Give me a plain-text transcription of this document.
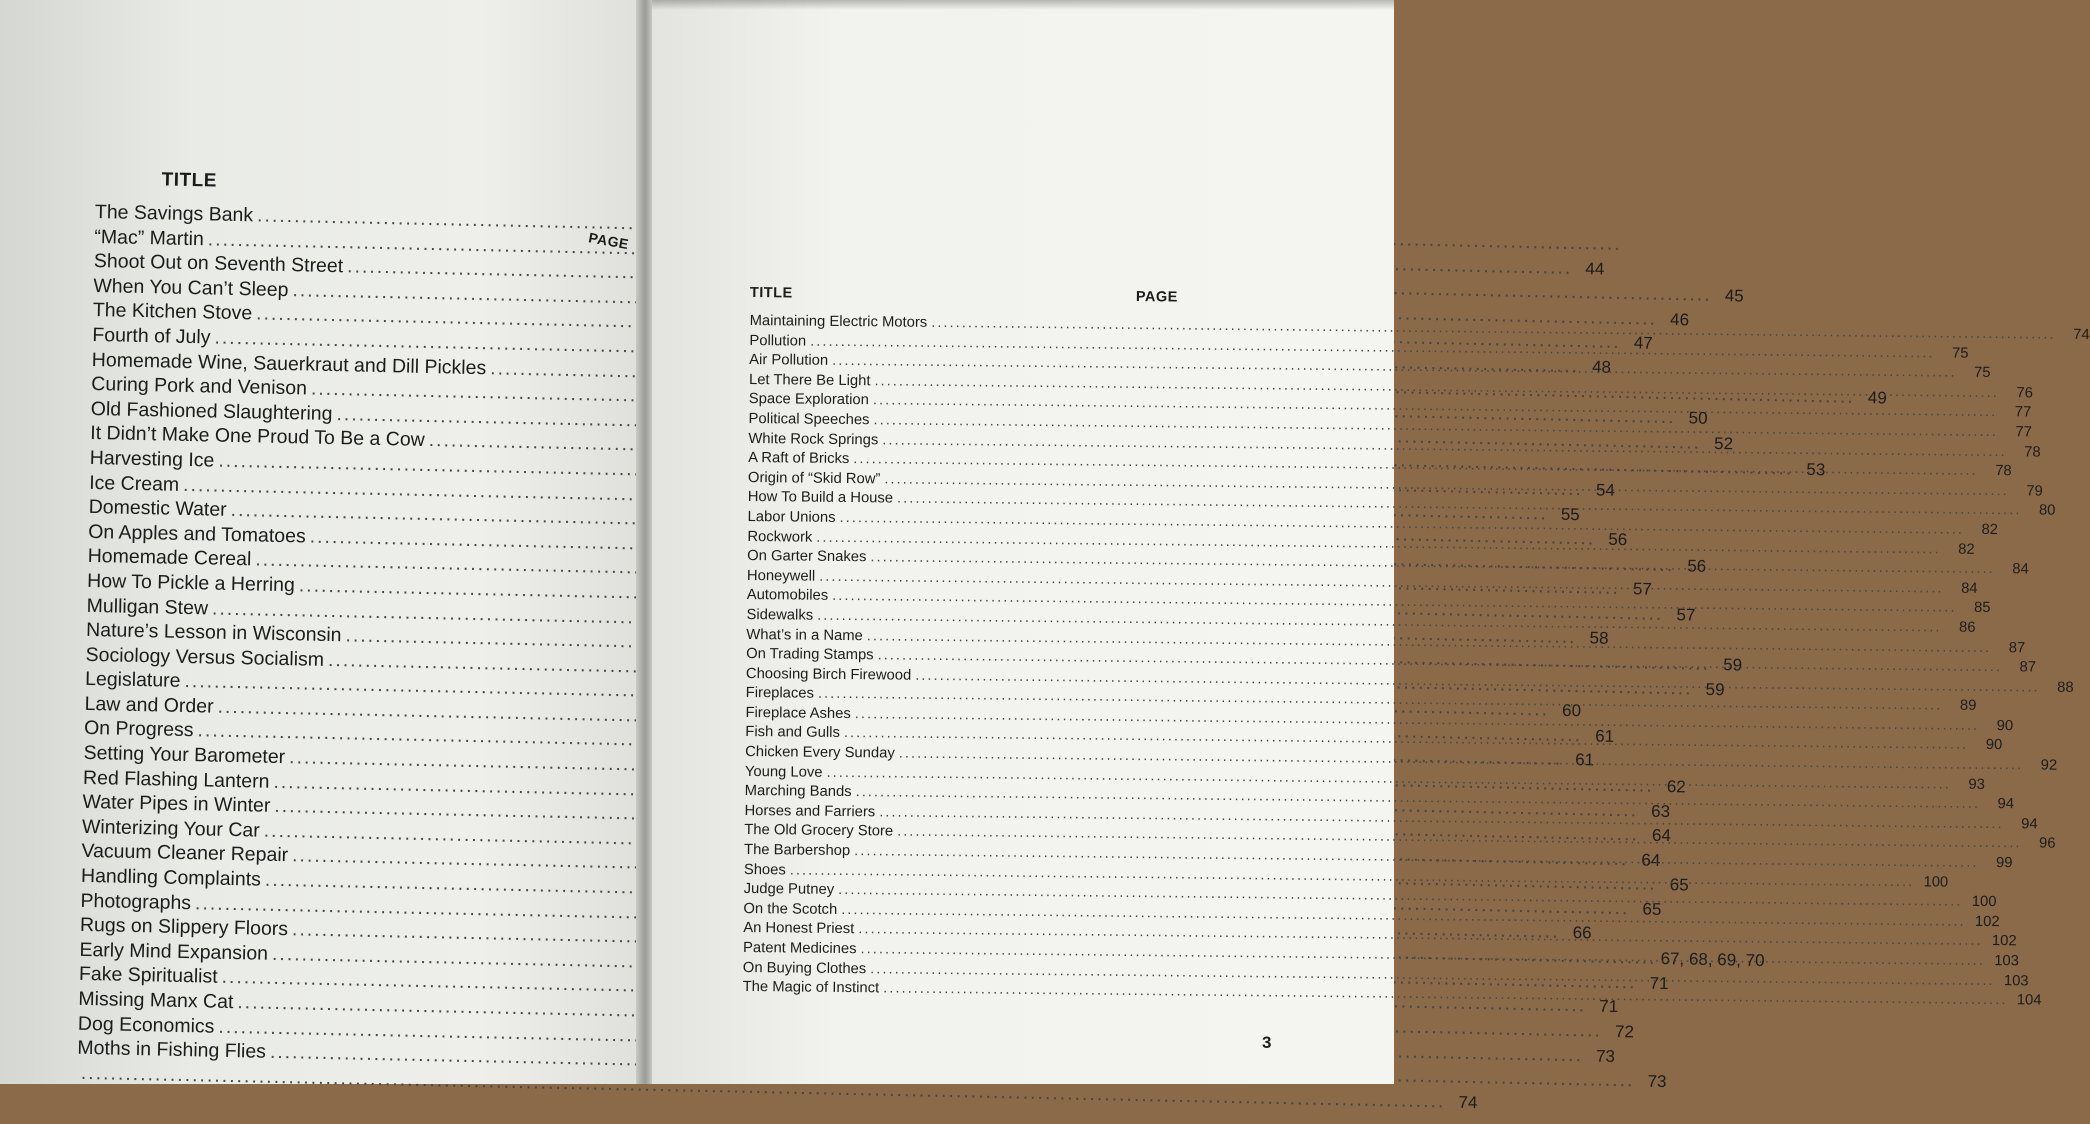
TITLE
PAGE
The Savings Bank
.....
“Mac” Martin
.....
44
Shoot Out on Seventh Street
.....
45
When You Can’t Sleep
.....
46
The Kitchen Stove
.....
47
Fourth of July
.....
48
Homemade Wine, Sauerkraut and Dill Pickles
.....
49
Curing Pork and Venison
.....
50
Old Fashioned Slaughtering
.....
52
It Didn’t Make One Proud To Be a Cow
.....
53
Harvesting Ice
.....
54
Ice Cream
.....
55
Domestic Water
.....
56
On Apples and Tomatoes
.....
56
Homemade Cereal
.....
57
How To Pickle a Herring
.....
57
Mulligan Stew
.....
58
Nature’s Lesson in Wisconsin
.....
59
Sociology Versus Socialism
.....
59
Legislature
.....
60
Law and Order
.....
61
On Progress
.....
61
Setting Your Barometer
.....
62
Red Flashing Lantern
.....
63
Water Pipes in Winter
.....
64
Winterizing Your Car
.....
64
Vacuum Cleaner Repair
.....
65
Handling Complaints
.....
65
Photographs
.....
66
Rugs on Slippery Floors
.....
67, 68, 69, 70
Early Mind Expansion
.....
71
Fake Spiritualist
.....
71
Missing Manx Cat
.....
72
Dog Economics
.....
73
Moths in Fishing Flies
.....
73
.....
74
TITLE	PAGE
Maintaining Electric Motors
.....
74
Pollution
.....
75
Air Pollution
.....
75
Let There Be Light
.....
76
Space Exploration
.....
77
Political Speeches
.....
77
White Rock Springs
.....
78
A Raft of Bricks
.....
78
Origin of “Skid Row”
.....
79
How To Build a House
.....
80
Labor Unions
.....
82
Rockwork
.....
82
On Garter Snakes
.....
84
Honeywell
.....
84
Automobiles
.....
85
Sidewalks
.....
86
What’s in a Name
.....
87
On Trading Stamps
.....
87
Choosing Birch Firewood
.....
88
Fireplaces
.....
89
Fireplace Ashes
.....
90
Fish and Gulls
.....
90
Chicken Every Sunday
.....
92
Young Love
.....
93
Marching Bands
.....
94
Horses and Farriers
.....
94
The Old Grocery Store
.....
96
The Barbershop
.....
99
Shoes
.....
100
Judge Putney
.....
100
On the Scotch
.....
102
An Honest Priest
.....
102
Patent Medicines
.....
103
On Buying Clothes
.....
103
The Magic of Instinct
.....
104
3
